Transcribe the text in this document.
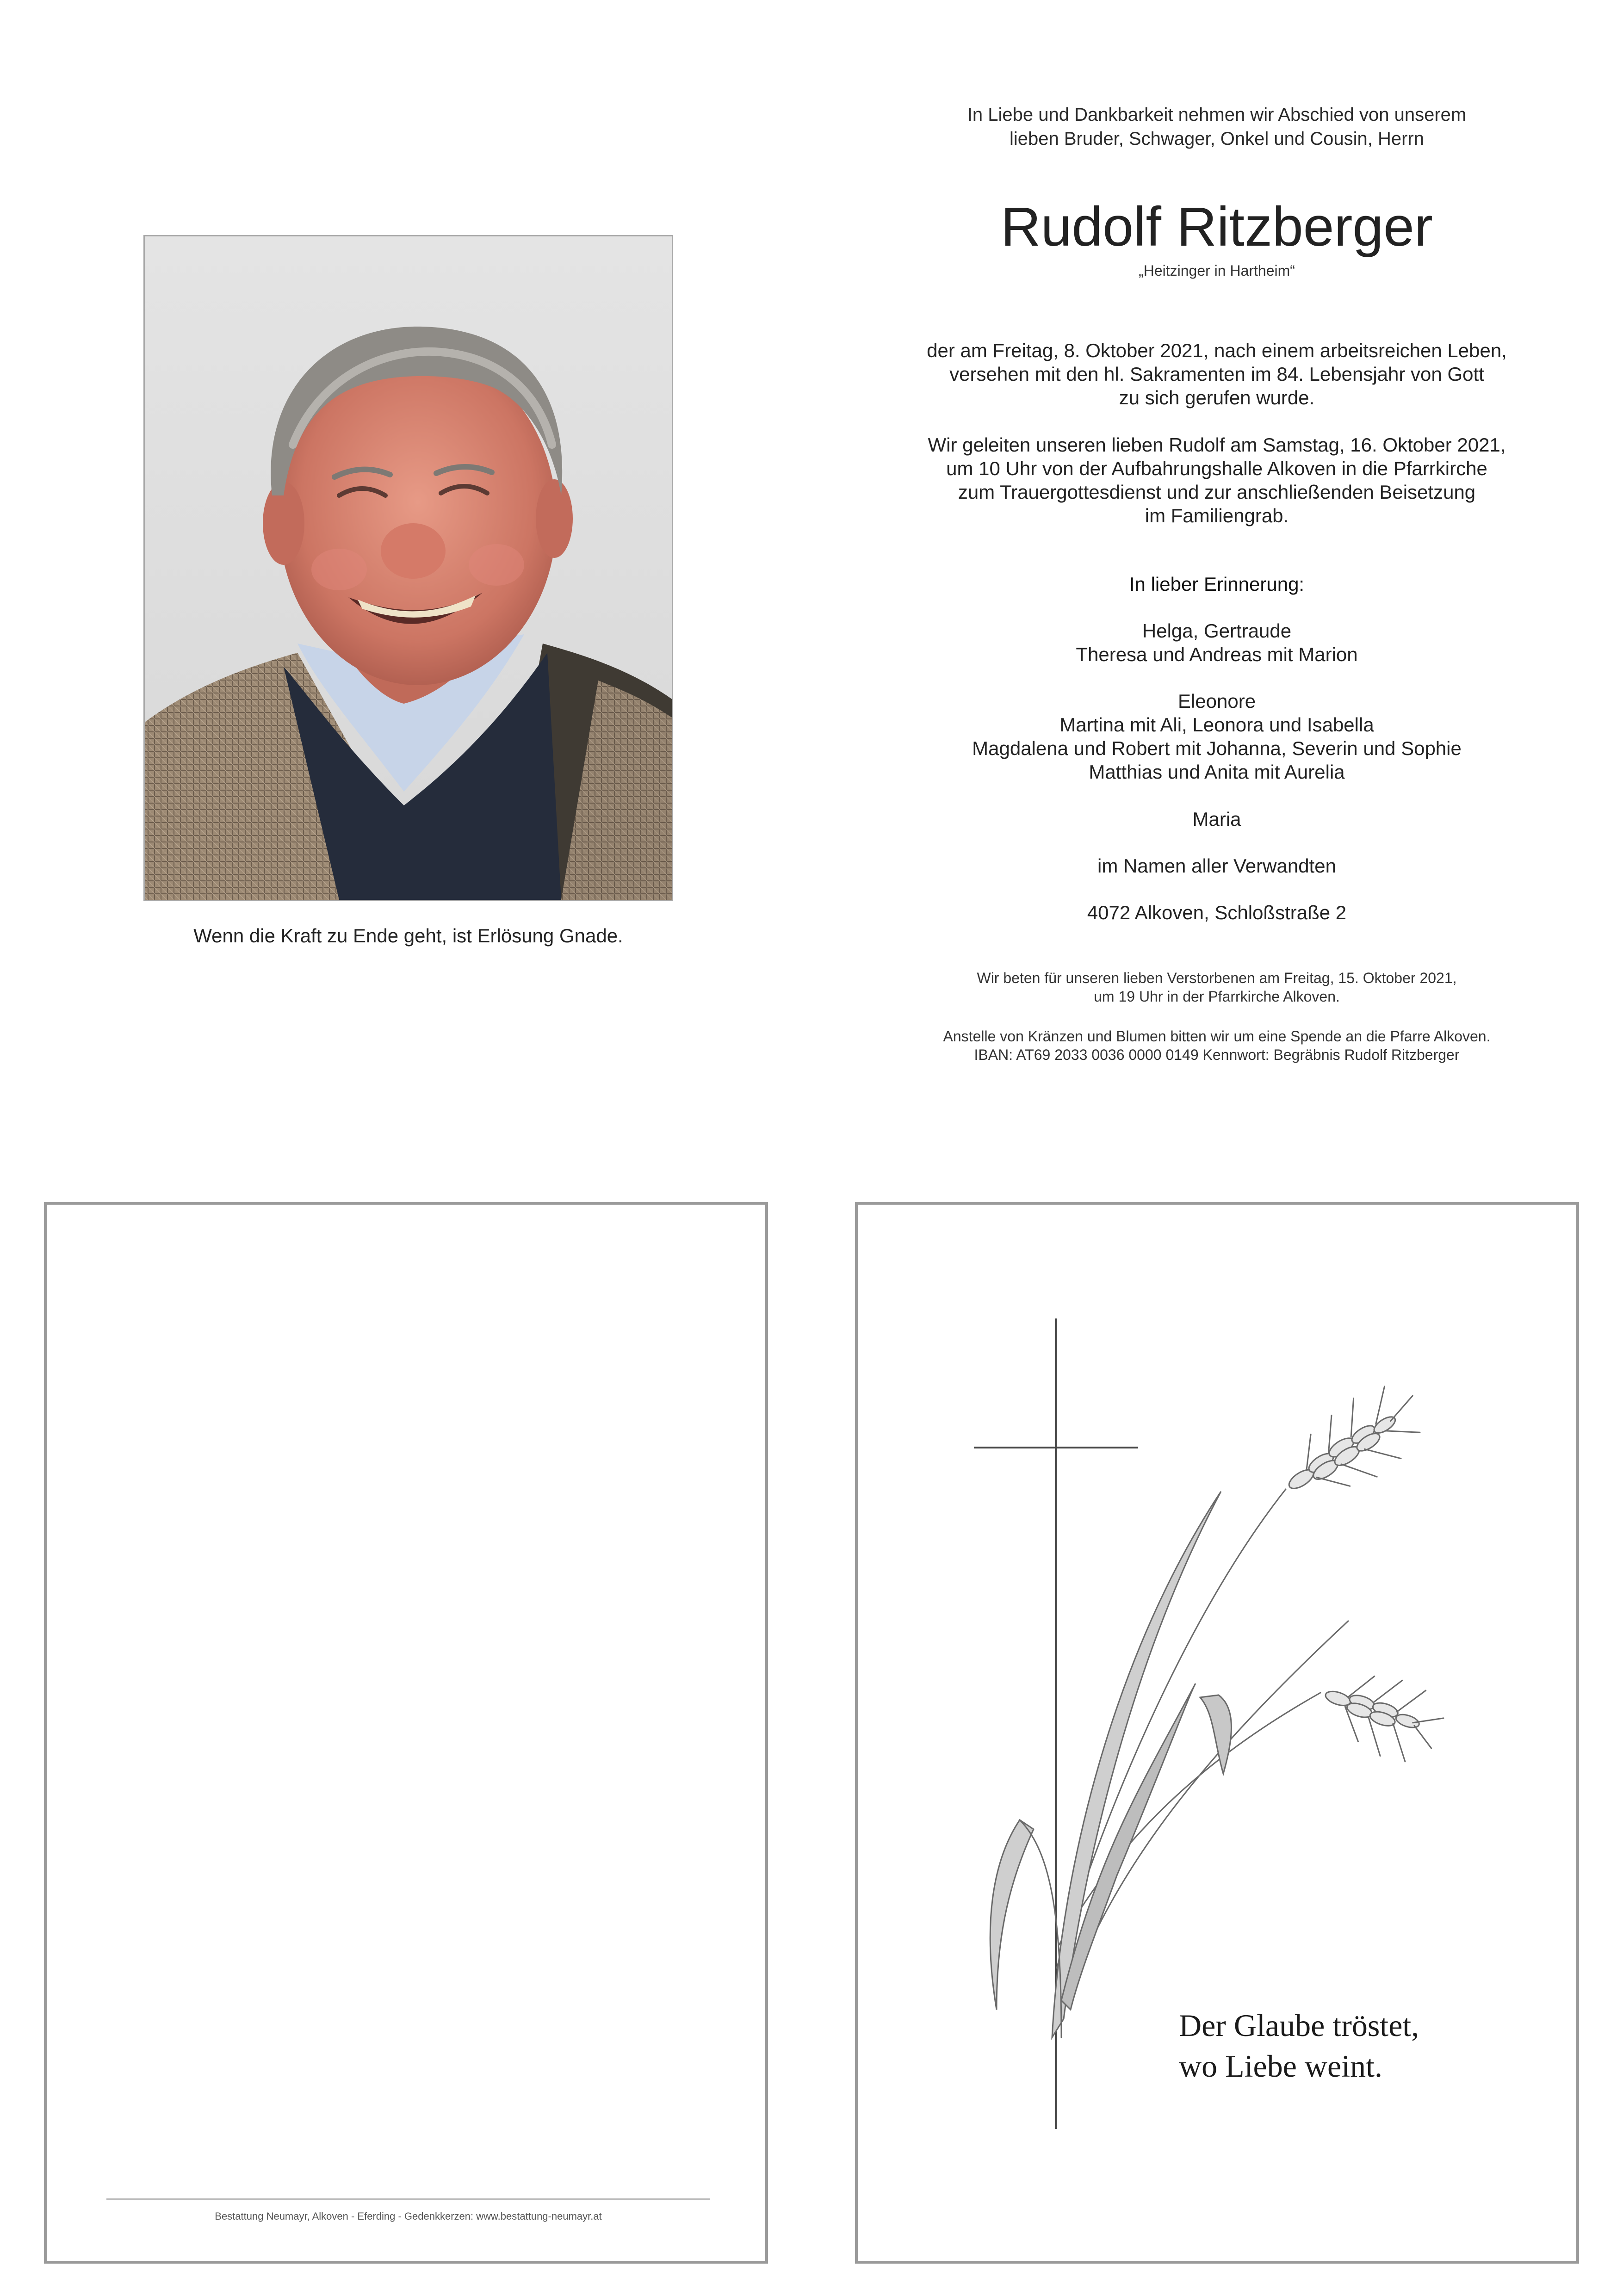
In Liebe und Dankbarkeit nehmen wir Abschied von unserem
lieben Bruder, Schwager, Onkel und Cousin, Herrn
Rudolf Ritzberger
„Heitzinger in Hartheim“
der am Freitag, 8. Oktober 2021, nach einem arbeitsreichen Leben,
versehen mit den hl. Sakramenten im 84. Lebensjahr von Gott
zu sich gerufen wurde.
Wir geleiten unseren lieben Rudolf am Samstag, 16. Oktober 2021,
um 10 Uhr von der Aufbahrungshalle Alkoven in die Pfarrkirche
zum Trauergottesdienst und zur anschließenden Beisetzung
im Familiengrab.
In lieber Erinnerung:
Helga, Gertraude
Theresa und Andreas mit Marion
Eleonore
Martina mit Ali, Leonora und Isabella
Magdalena und Robert mit Johanna, Severin und Sophie
Matthias und Anita mit Aurelia
Maria
im Namen aller Verwandten
4072 Alkoven, Schloßstraße 2
Wir beten für unseren lieben Verstorbenen am Freitag, 15. Oktober 2021,
um 19 Uhr in der Pfarrkirche Alkoven.
Anstelle von Kränzen und Blumen bitten wir um eine Spende an die Pfarre Alkoven.
IBAN: AT69 2033 0036 0000 0149 Kennwort: Begräbnis Rudolf Ritzberger
Wenn die Kraft zu Ende geht, ist Erlösung Gnade.
Bestattung Neumayr, Alkoven - Eferding - Gedenkkerzen: www.bestattung-neumayr.at
Der Glaube tröstet,
wo Liebe weint.
